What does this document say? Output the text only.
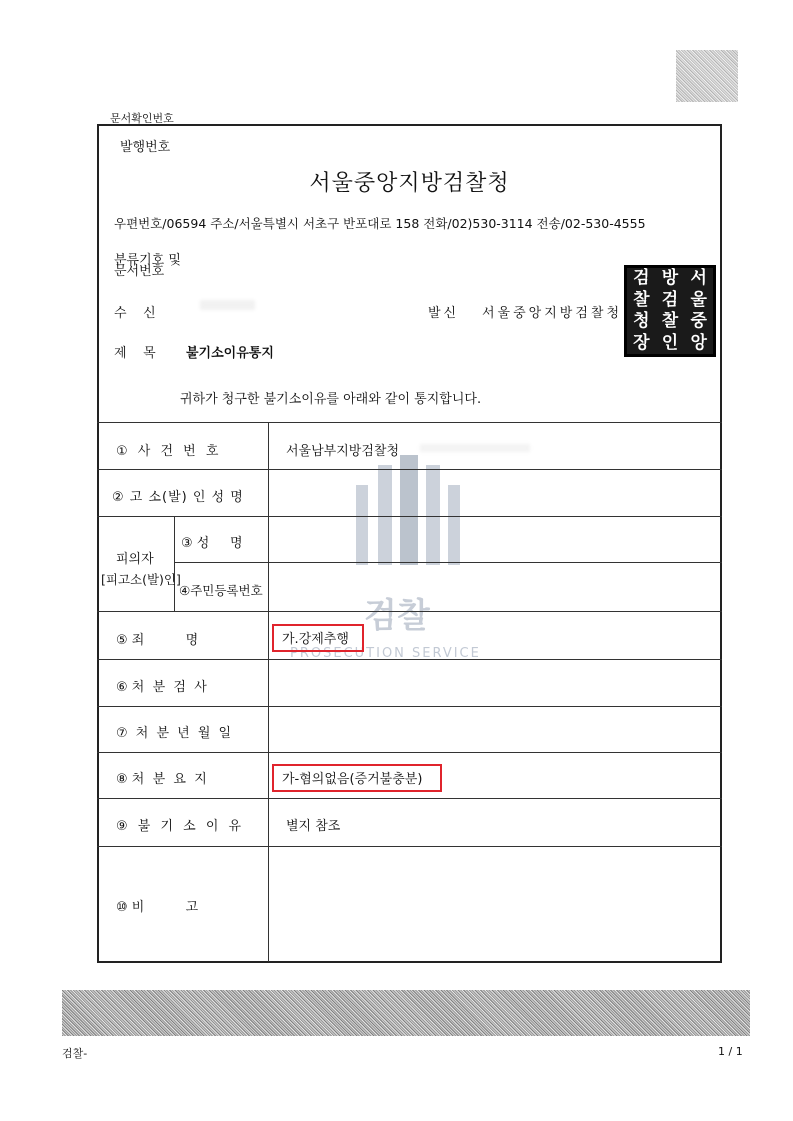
문서확인번호
발행번호
서울중앙지방검찰청
우편번호/06594 주소/서울특별시 서초구 반포대로 158 전화/02)530-3114 전송/02-530-4555
분류기호 및
문서번호
수    신	발신 서울중앙지방검찰청
제    목 불기소이유통지
귀하가 청구한 불기소이유를 아래와 같이 통지합니다.
검 방 서
찰 검 울
청 찰 중
장 인 앙
검찰
PROSECUTION SERVICE
① 사 건 번 호	서울남부지방검찰청
② 고 소(발) 인 성 명
피의자
[피고소(발)인]
③ 성     명
④주민등록번호
⑤ 죄          명	가.강제추행
⑥ 처  분  검  사
⑦ 처 분 년 월 일
⑧ 처  분  요  지	가-혐의없음(증거불충분)
⑨ 불 기 소 이 유	별지 참조
⑩ 비          고
검찰-	1 / 1
